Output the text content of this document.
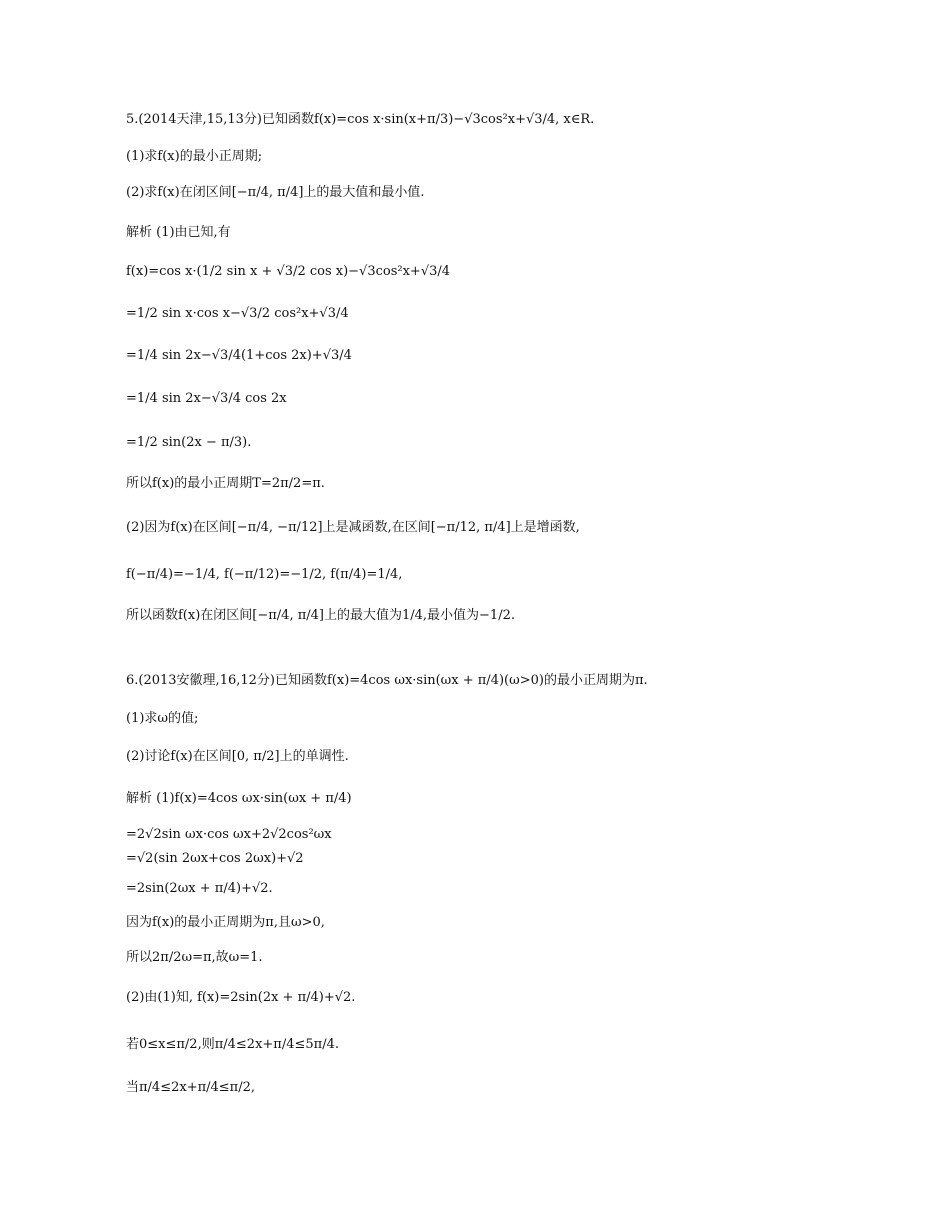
5.(2014天津,15,13分)已知函数f(x)=cos x·sin(x+π/3)−√3cos²x+√3/4, x∈R.
(1)求f(x)的最小正周期;
(2)求f(x)在闭区间[−π/4, π/4]上的最大值和最小值.
解析 (1)由已知,有
f(x)=cos x·(1/2 sin x + √3/2 cos x)−√3cos²x+√3/4
=1/2 sin x·cos x−√3/2 cos²x+√3/4
=1/4 sin 2x−√3/4(1+cos 2x)+√3/4
=1/4 sin 2x−√3/4 cos 2x
=1/2 sin(2x − π/3).
所以f(x)的最小正周期T=2π/2=π.
(2)因为f(x)在区间[−π/4, −π/12]上是减函数,在区间[−π/12, π/4]上是增函数,
f(−π/4)=−1/4, f(−π/12)=−1/2, f(π/4)=1/4,
所以函数f(x)在闭区间[−π/4, π/4]上的最大值为1/4,最小值为−1/2.
6.(2013安徽理,16,12分)已知函数f(x)=4cos ωx·sin(ωx + π/4)(ω>0)的最小正周期为π.
(1)求ω的值;
(2)讨论f(x)在区间[0, π/2]上的单调性.
解析 (1)f(x)=4cos ωx·sin(ωx + π/4)
=2√2sin ωx·cos ωx+2√2cos²ωx
=√2(sin 2ωx+cos 2ωx)+√2
=2sin(2ωx + π/4)+√2.
因为f(x)的最小正周期为π,且ω>0,
所以2π/2ω=π,故ω=1.
(2)由(1)知, f(x)=2sin(2x + π/4)+√2.
若0≤x≤π/2,则π/4≤2x+π/4≤5π/4.
当π/4≤2x+π/4≤π/2,
